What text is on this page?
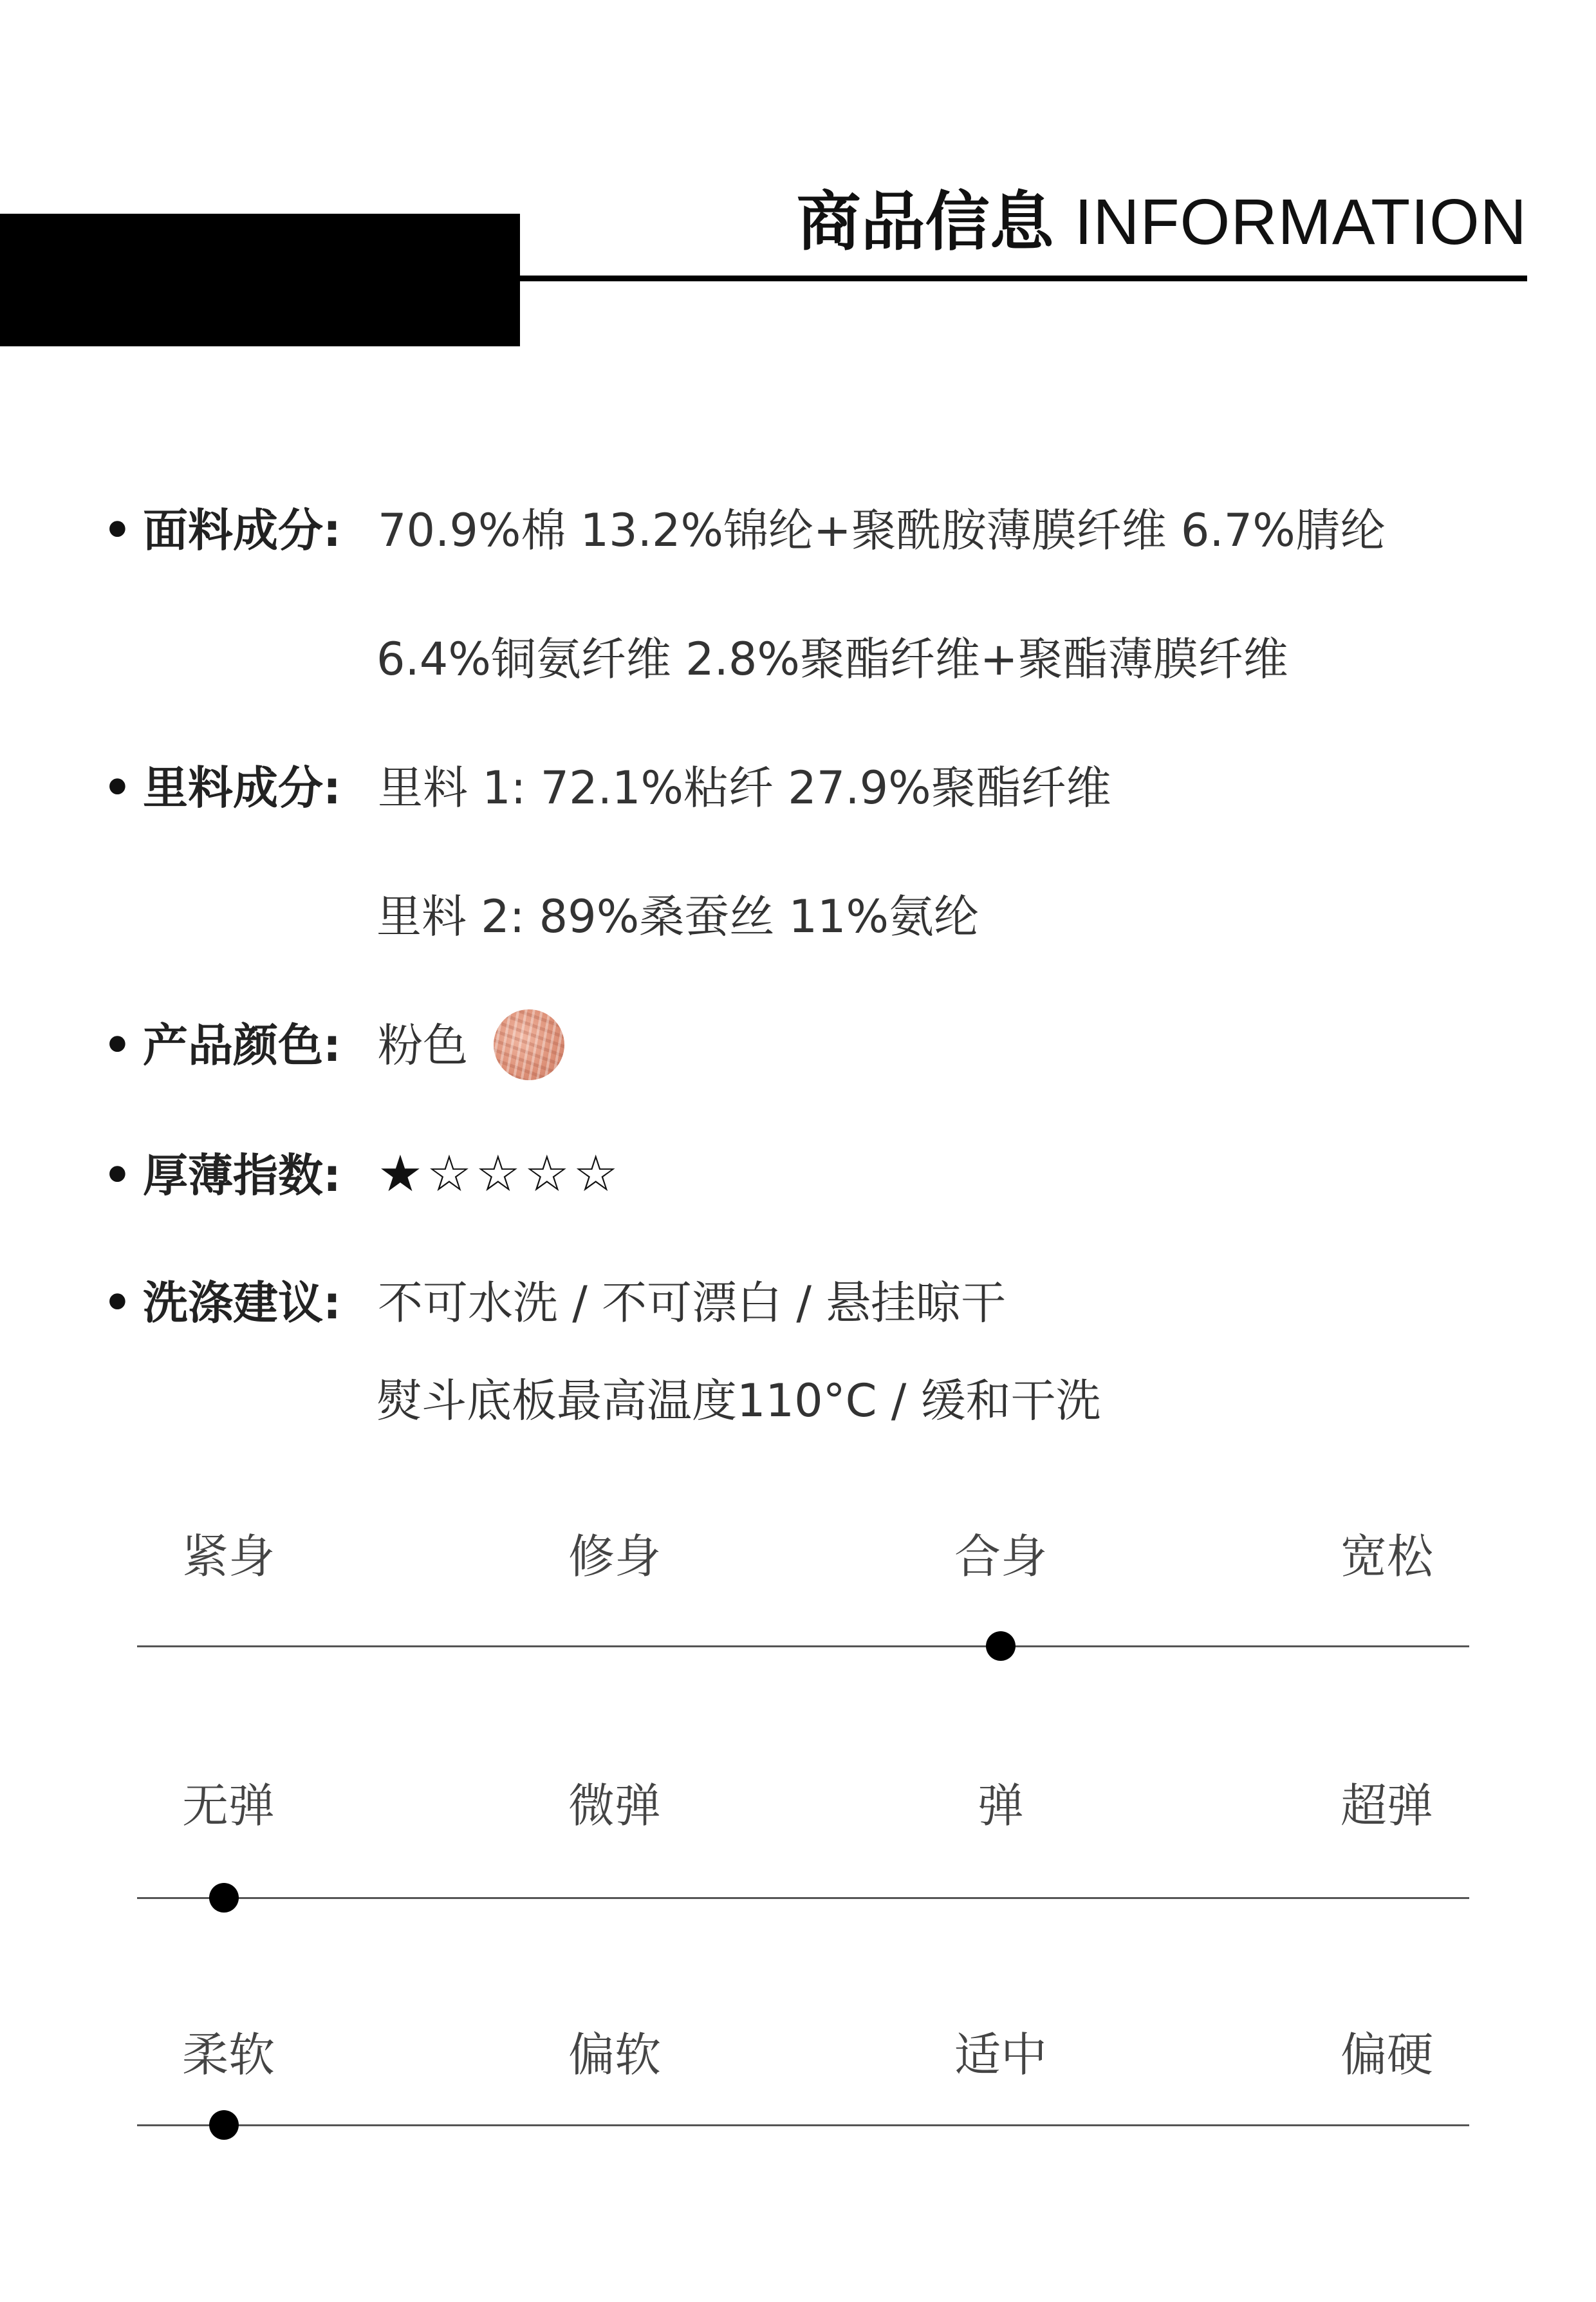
商品信息 INFORMATION
• 面料成分: 70.9%棉 13.2%锦纶+聚酰胺薄膜纤维 6.7%腈纶
6.4%铜氨纤维 2.8%聚酯纤维+聚酯薄膜纤维
• 里料成分: 里料 1: 72.1%粘纤 27.9%聚酯纤维
里料 2: 89%桑蚕丝 11%氨纶
• 产品颜色: 粉色
• 厚薄指数: ★☆☆☆☆
• 洗涤建议: 不可水洗 / 不可漂白 / 悬挂晾干
熨斗底板最高温度110°C / 缓和干洗
紧身	修身	合身	宽松
无弹	微弹	弹	超弹
柔软	偏软	适中	偏硬
